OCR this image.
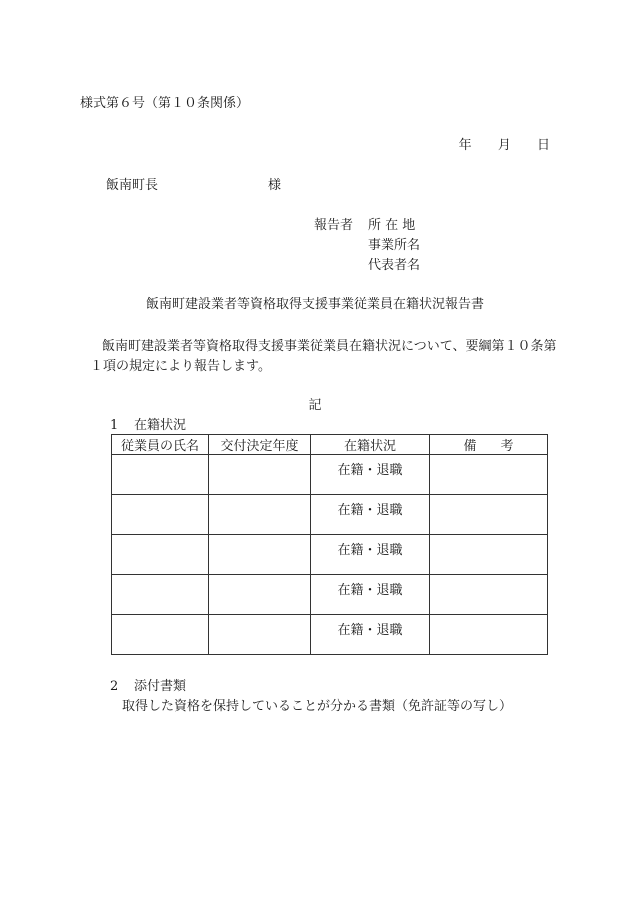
様式第６号（第１０条関係）
年 月 日
飯南町長	様
報告者 所 在 地
事業所名
代表者名
飯南町建設業者等資格取得支援事業従業員在籍状況報告書
飯南町建設業者等資格取得支援事業従業員在籍状況について、要綱第１０条第１項の規定により報告します。
記
1 在籍状況
従業員の氏名	交付決定年度	在籍状況	備 考

		在籍・退職	

		在籍・退職	

		在籍・退職	

		在籍・退職	

		在籍・退職	

2 添付書類
取得した資格を保持していることが分かる書類（免許証等の写し）
